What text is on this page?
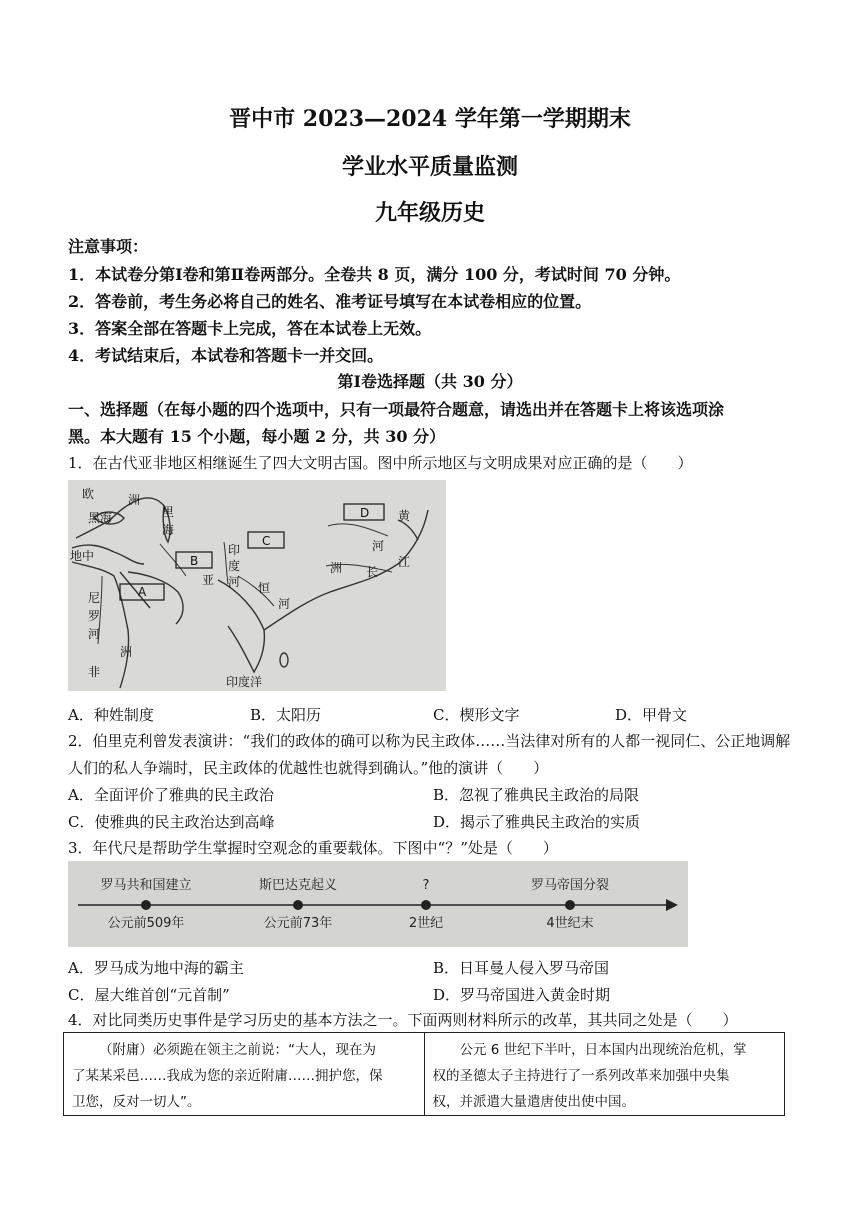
晋中市 2023—2024 学年第一学期期末
学业水平质量监测
九年级历史
注意事项：
1．本试卷分第Ⅰ卷和第Ⅱ卷两部分。全卷共 8 页，满分 100 分，考试时间 70 分钟。
2．答卷前，考生务必将自己的姓名、准考证号填写在本试卷相应的位置。
3．答案全部在答题卡上完成，答在本试卷上无效。
4．考试结束后，本试卷和答题卡一并交回。
第Ⅰ卷选择题（共 30 分）
一、选择题（在每小题的四个选项中，只有一项最符合题意，请选出并在答题卡上将该选项涂
黑。本大题有 15 个小题，每小题 2 分，共 30 分）
1．在古代亚非地区相继诞生了四大文明古国。图中所示地区与文明成果对应正确的是（　　）
欧	洲
黑海	里
海
地中
A
B
C
D
印
度
河
亚
恒
河
黄
河
洲 长
江
尼
罗
河
非
洲
印度洋
A．种姓制度	B．太阳历	C．楔形文字	D．甲骨文
2．伯里克利曾发表演讲：“我们的政体的确可以称为民主政体……当法律对所有的人都一视同仁、公正地调解
人们的私人争端时，民主政体的优越性也就得到确认。”他的演讲（　　）
A．全面评价了雅典的民主政治	B．忽视了雅典民主政治的局限
C．使雅典的民主政治达到高峰	D．揭示了雅典民主政治的实质
3．年代尺是帮助学生掌握时空观念的重要载体。下图中“？”处是（　　）
罗马共和国建立	斯巴达克起义	?	罗马帝国分裂
公元前509年	公元前73年	2世纪	4世纪末
A．罗马成为地中海的霸主	B．日耳曼人侵入罗马帝国
C．屋大维首创“元首制”	D．罗马帝国进入黄金时期
4．对比同类历史事件是学习历史的基本方法之一。下面两则材料所示的改革，其共同之处是（　　）
（附庸）必须跪在领主之前说：“大人，现在为
了某某采邑……我成为您的亲近附庸……拥护您，保
卫您，反对一切人”。
公元 6 世纪下半叶，日本国内出现统治危机，掌
权的圣德太子主持进行了一系列改革来加强中央集
权，并派遣大量遣唐使出使中国。
